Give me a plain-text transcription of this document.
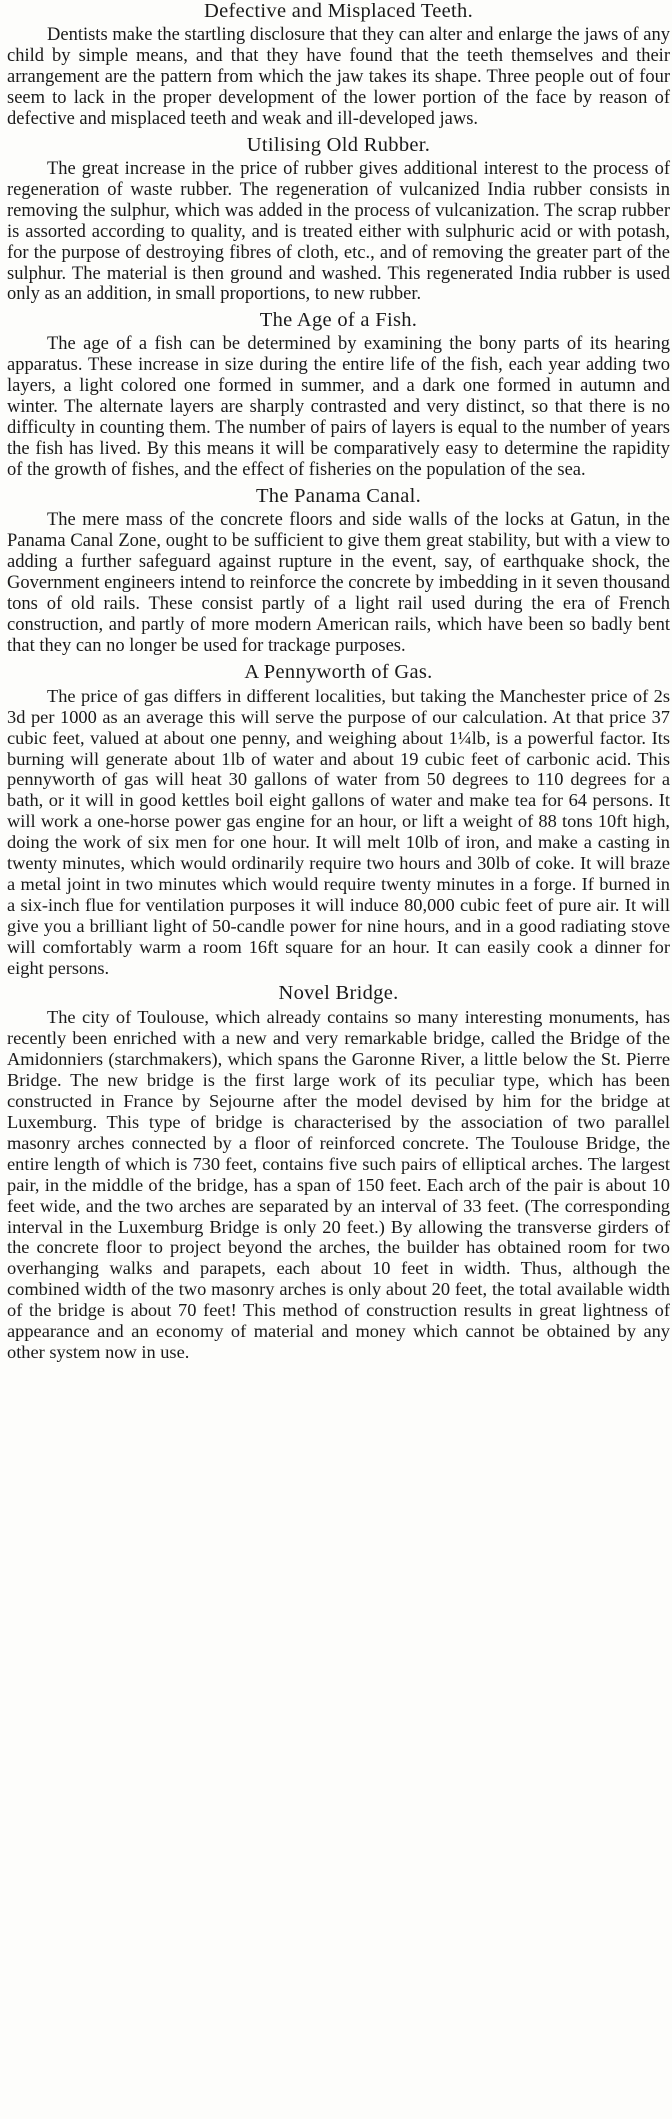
Defective and Misplaced Teeth.

Dentists make the startling disclosure that they can alter and enlarge the jaws of any child by simple means, and that they have found that the teeth themselves and their arrangement are the pattern from which the jaw takes its shape. Three people out of four seem to lack in the proper development of the lower portion of the face by reason of defective and misplaced teeth and weak and ill-developed jaws.

Utilising Old Rubber.

The great increase in the price of rubber gives additional interest to the process of regeneration of waste rubber. The regeneration of vulcanized India rubber consists in removing the sulphur, which was added in the process of vulcanization. The scrap rubber is assorted according to quality, and is treated either with sulphuric acid or with potash, for the purpose of destroying fibres of cloth, etc., and of removing the greater part of the sulphur. The material is then ground and washed. This regenerated India rubber is used only as an addition, in small proportions, to new rubber.

The Age of a Fish.

The age of a fish can be determined by examining the bony parts of its hearing apparatus. These increase in size during the entire life of the fish, each year adding two layers, a light colored one formed in summer, and a dark one formed in autumn and winter. The alternate layers are sharply contrasted and very distinct, so that there is no difficulty in counting them. The number of pairs of layers is equal to the number of years the fish has lived. By this means it will be comparatively easy to determine the rapidity of the growth of fishes, and the effect of fisheries on the population of the sea.

The Panama Canal.

The mere mass of the concrete floors and side walls of the locks at Gatun, in the Panama Canal Zone, ought to be sufficient to give them great stability, but with a view to adding a further safeguard against rupture in the event, say, of earthquake shock, the Government engineers intend to reinforce the concrete by imbedding in it seven thousand tons of old rails. These consist partly of a light rail used during the era of French construction, and partly of more modern American rails, which have been so badly bent that they can no longer be used for trackage purposes.

A Pennyworth of Gas.

The price of gas differs in different localities, but taking the Manchester price of 2s 3d per 1000 as an average this will serve the purpose of our calculation. At that price 37 cubic feet, valued at about one penny, and weighing about 1¼lb, is a powerful factor. Its burning will generate about 1lb of water and about 19 cubic feet of carbonic acid. This pennyworth of gas will heat 30 gallons of water from 50 degrees to 110 degrees for a bath, or it will in good kettles boil eight gallons of water and make tea for 64 persons. It will work a one-horse power gas engine for an hour, or lift a weight of 88 tons 10ft high, doing the work of six men for one hour. It will melt 10lb of iron, and make a casting in twenty minutes, which would ordinarily require two hours and 30lb of coke. It will braze a metal joint in two minutes which would require twenty minutes in a forge. If burned in a six-inch flue for ventilation purposes it will induce 80,000 cubic feet of pure air. It will give you a brilliant light of 50-candle power for nine hours, and in a good radiating stove will comfortably warm a room 16ft square for an hour. It can easily cook a dinner for eight persons.

Novel Bridge.

The city of Toulouse, which already contains so many interesting monuments, has recently been enriched with a new and very remarkable bridge, called the Bridge of the Amidonniers (starchmakers), which spans the Garonne River, a little below the St. Pierre Bridge. The new bridge is the first large work of its peculiar type, which has been constructed in France by Sejourne after the model devised by him for the bridge at Luxemburg. This type of bridge is characterised by the association of two parallel masonry arches connected by a floor of reinforced concrete. The Toulouse Bridge, the entire length of which is 730 feet, contains five such pairs of elliptical arches. The largest pair, in the middle of the bridge, has a span of 150 feet. Each arch of the pair is about 10 feet wide, and the two arches are separated by an interval of 33 feet. (The corresponding interval in the Luxemburg Bridge is only 20 feet.) By allowing the transverse girders of the concrete floor to project beyond the arches, the builder has obtained room for two overhanging walks and parapets, each about 10 feet in width. Thus, although the combined width of the two masonry arches is only about 20 feet, the total available width of the bridge is about 70 feet! This method of construction results in great lightness of appearance and an economy of material and money which cannot be obtained by any other system now in use.
